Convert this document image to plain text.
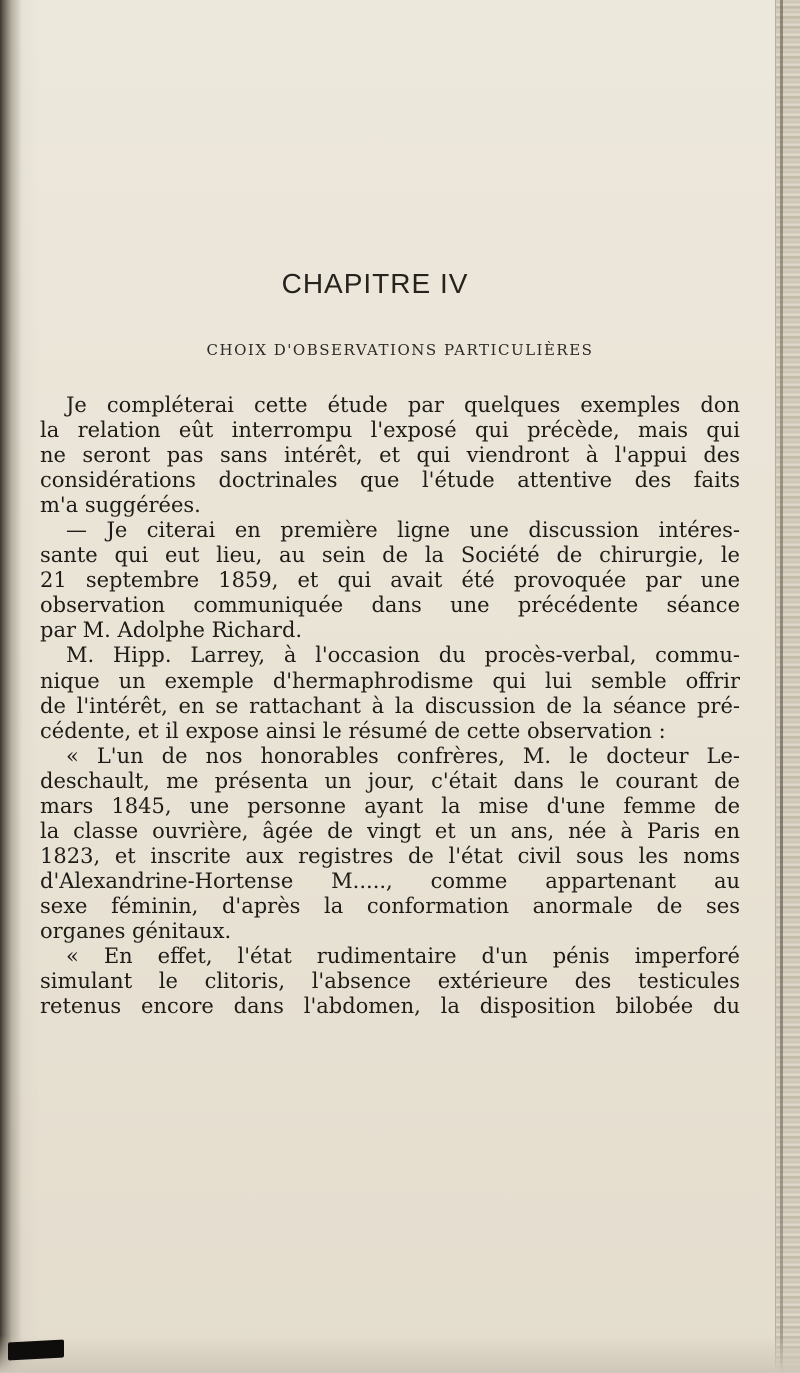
CHAPITRE IV
CHOIX D'OBSERVATIONS PARTICULIÈRES
Je compléterai cette étude par quelques exemples don
la relation eût interrompu l'exposé qui précède, mais qui
ne seront pas sans intérêt, et qui viendront à l'appui des
considérations doctrinales que l'étude attentive des faits
m'a suggérées.
— Je citerai en première ligne une discussion intéres-
sante qui eut lieu, au sein de la Société de chirurgie, le
21 septembre 1859, et qui avait été provoquée par une
observation communiquée dans une précédente séance
par M. Adolphe Richard.
M. Hipp. Larrey, à l'occasion du procès-verbal, commu-
nique un exemple d'hermaphrodisme qui lui semble offrir
de l'intérêt, en se rattachant à la discussion de la séance pré-
cédente, et il expose ainsi le résumé de cette observation :
« L'un de nos honorables confrères, M. le docteur Le-
deschault, me présenta un jour, c'était dans le courant de
mars 1845, une personne ayant la mise d'une femme de
la classe ouvrière, âgée de vingt et un ans, née à Paris en
1823, et inscrite aux registres de l'état civil sous les noms
d'Alexandrine-Hortense M....., comme appartenant au
sexe féminin, d'après la conformation anormale de ses
organes génitaux.
« En effet, l'état rudimentaire d'un pénis imperforé
simulant le clitoris, l'absence extérieure des testicules
retenus encore dans l'abdomen, la disposition bilobée du
